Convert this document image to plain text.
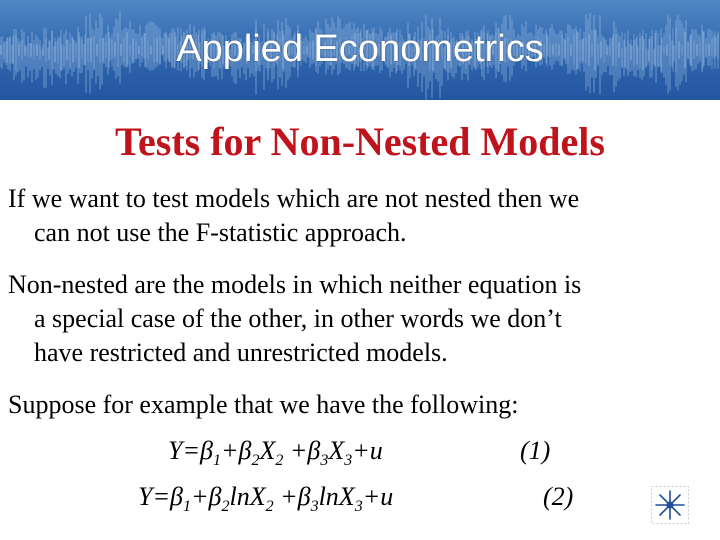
Applied Econometrics
Tests for Non-Nested Models
If we want to test models which are not nested then we
can not use the F-statistic approach.
Non-nested are the models in which neither equation is
a special case of the other, in other words we don’t
have restricted and unrestricted models.
Suppose for example that we have the following:
$Y=\beta_1+\beta_2X_2 +\beta_3X_3+u$	(1)
$Y=\beta_1+\beta_2\ln X_2 +\beta_3\ln X_3+u$	(2)
